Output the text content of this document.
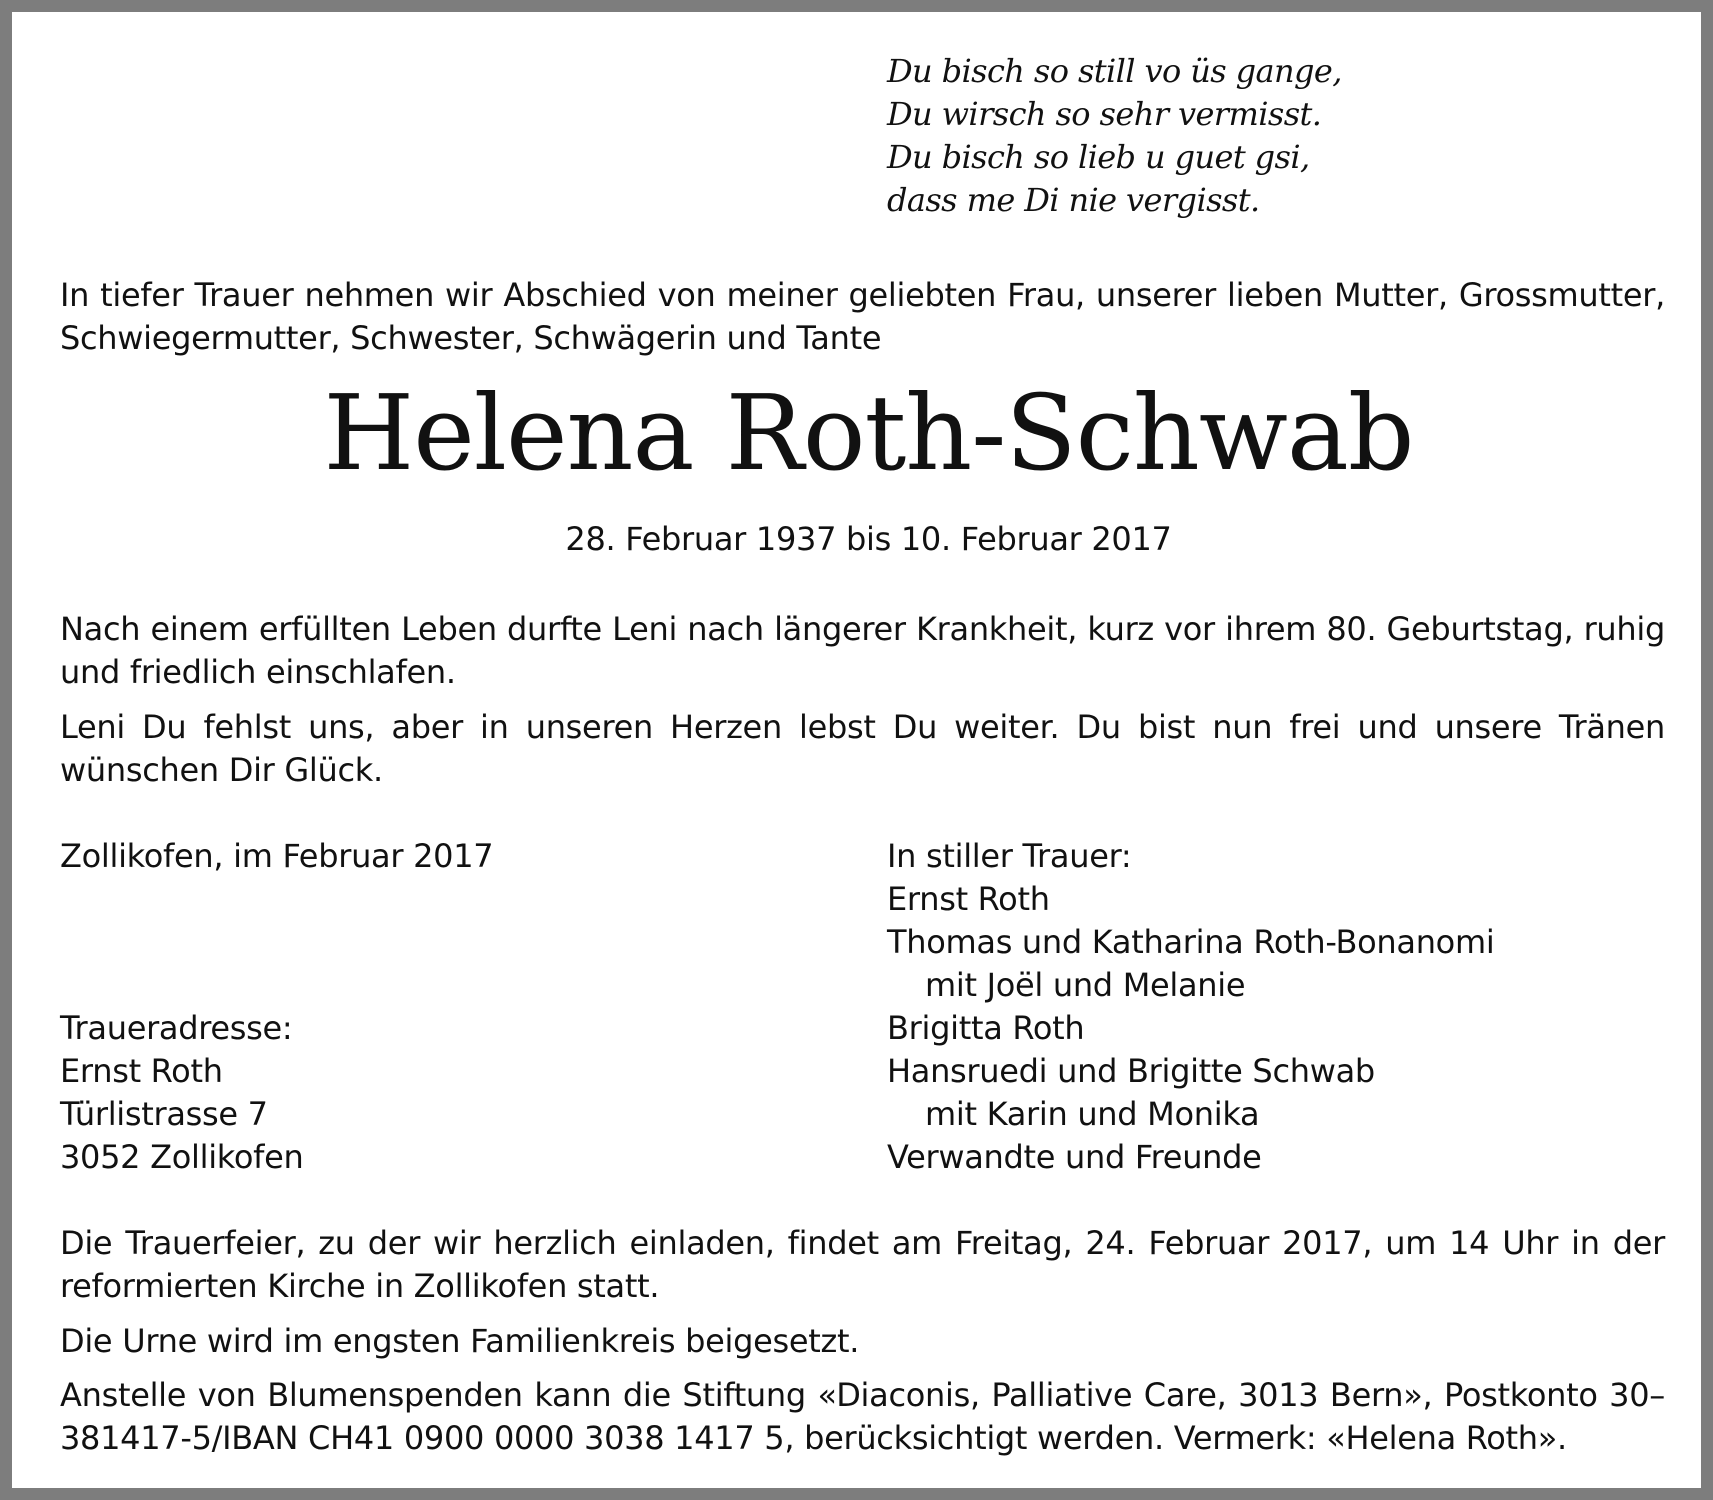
Du bisch so still vo üs gange,
Du wirsch so sehr vermisst.
Du bisch so lieb u guet gsi,
dass me Di nie vergisst.
In tiefer Trauer nehmen wir Abschied von meiner geliebten Frau, unserer lieben Mutter, Grossmutter, Schwiegermutter, Schwester, Schwägerin und Tante
Helena Roth-Schwab
28. Februar 1937 bis 10. Februar 2017
Nach einem erfüllten Leben durfte Leni nach längerer Krankheit, kurz vor ihrem 80. Geburtstag, ruhig und friedlich einschlafen.
Leni Du fehlst uns, aber in unseren Herzen lebst Du weiter. Du bist nun frei und unsere Tränen wünschen Dir Glück.
Zollikofen, im Februar 2017
Traueradresse:
Ernst Roth
Türlistrasse 7
3052 Zollikofen
In stiller Trauer:
Ernst Roth
Thomas und Katharina Roth-Bonanomi
mit Joël und Melanie
Brigitta Roth
Hansruedi und Brigitte Schwab
mit Karin und Monika
Verwandte und Freunde
Die Trauerfeier, zu der wir herzlich einladen, findet am Freitag, 24. Februar 2017, um 14 Uhr in der reformierten Kirche in Zollikofen statt.
Die Urne wird im engsten Familienkreis beigesetzt.
Anstelle von Blumenspenden kann die Stiftung «Diaconis, Palliative Care, 3013 Bern», Postkonto 30–381417-5/IBAN CH41 0900 0000 3038 1417 5, berücksichtigt werden. Vermerk: «Helena Roth».
